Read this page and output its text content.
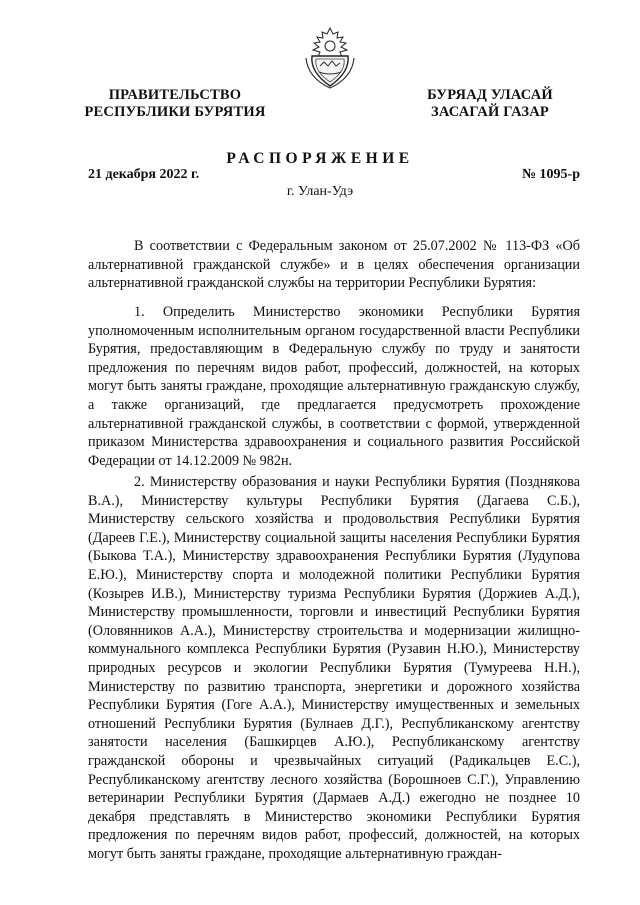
ПРАВИТЕЛЬСТВО
РЕСПУБЛИКИ БУРЯТИЯ
БУРЯАД УЛАСАЙ
ЗАСАГАЙ ГАЗАР
РАСПОРЯЖЕНИЕ
21 декабря 2022 г.	№ 1095-р
г. Улан-Удэ

В соответствии с Федеральным законом от 25.07.2002 № 113-ФЗ «Об альтернативной гражданской службе» и в целях обеспечения организации альтернативной гражданской службы на территории Республики Бурятия:

1. Определить Министерство экономики Республики Бурятия уполномоченным исполнительным органом государственной власти Республики Бурятия, предоставляющим в Федеральную службу по труду и занятости предложения по перечням видов работ, профессий, должностей, на которых могут быть заняты граждане, проходящие альтернативную гражданскую службу, а также организаций, где предлагается предусмотреть прохождение альтернативной гражданской службы, в соответствии с формой, утвержденной приказом Министерства здравоохранения и социального развития Российской Федерации от 14.12.2009 № 982н.

2. Министерству образования и науки Республики Бурятия (Позднякова В.А.), Министерству культуры Республики Бурятия (Дагаева С.Б.), Министерству сельского хозяйства и продовольствия Республики Бурятия (Дареев Г.Е.), Министерству социальной защиты населения Республики Бурятия (Быкова Т.А.), Министерству здравоохранения Республики Бурятия (Лудупова Е.Ю.), Министерству спорта и молодежной политики Республики Бурятия (Козырев И.В.), Министерству туризма Республики Бурятия (Доржиев А.Д.), Министерству промышленности, торговли и инвестиций Республики Бурятия (Оловянников А.А.), Министерству строительства и модернизации жилищно-коммунального комплекса Республики Бурятия (Рузавин Н.Ю.), Министерству природных ресурсов и экологии Республики Бурятия (Тумуреева Н.Н.), Министерству по развитию транспорта, энергетики и дорожного хозяйства Республики Бурятия (Гоге А.А.), Министерству имущественных и земельных отношений Республики Бурятия (Булнаев Д.Г.), Республиканскому агентству занятости населения (Башкирцев А.Ю.), Республиканскому агентству гражданской обороны и чрезвычайных ситуаций (Радикальцев Е.С.), Республиканскому агентству лесного хозяйства (Борошноев С.Г.), Управлению ветеринарии Республики Бурятия (Дармаев А.Д.) ежегодно не позднее 10 декабря представлять в Министерство экономики Республики Бурятия предложения по перечням видов работ, профессий, должностей, на которых могут быть заняты граждане, проходящие альтернативную граждан-
